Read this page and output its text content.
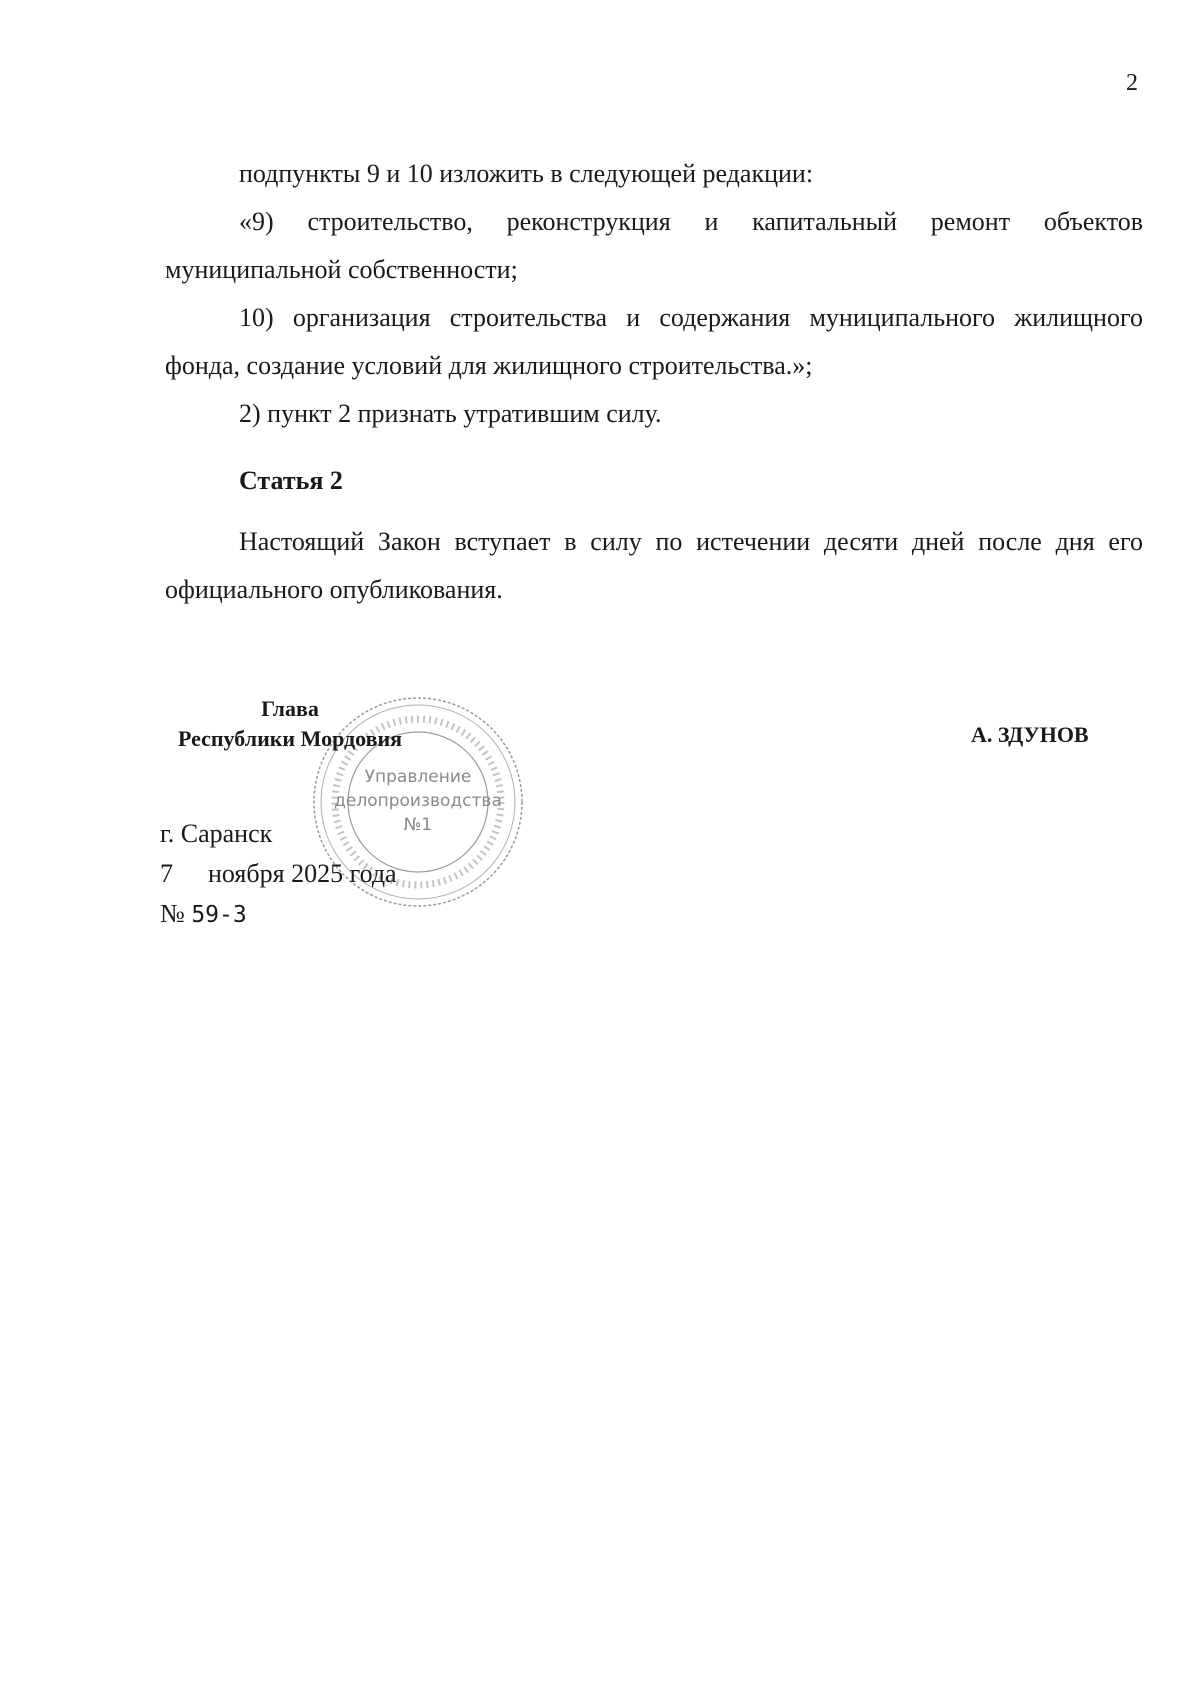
2

подпункты 9 и 10 изложить в следующей редакции:

«9) строительство, реконструкция и капитальный ремонт объектов муниципальной собственности;

10) организация строительства и содержания муниципального жилищного фонда, создание условий для жилищного строительства.»;

2) пункт 2 признать утратившим силу.

Статья 2

Настоящий Закон вступает в силу по истечении десяти дней после дня его официального опубликования.

Управление
делопроизводства
№1
Глава
Республики Мордовия	А. ЗДУНОВ
г. Саранск
7 ноября 2025 года
№ 59-З
